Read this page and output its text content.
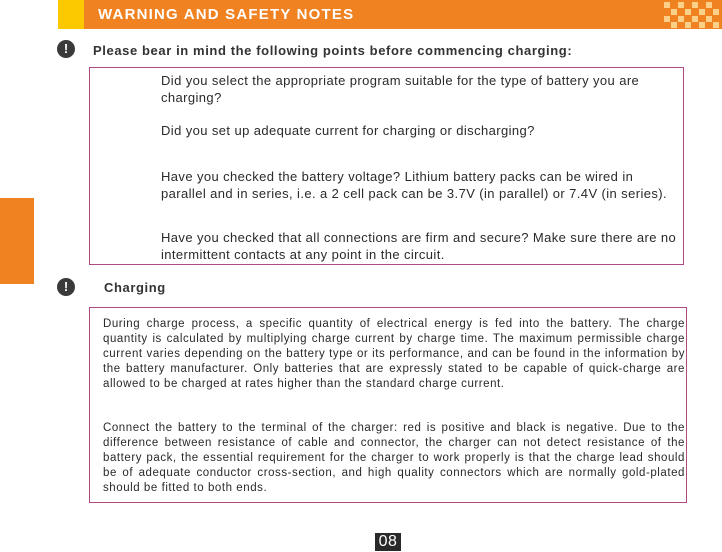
WARNING AND SAFETY NOTES
!	Please bear in mind the following points before commencing charging:
Did you select the appropriate program suitable for the type of battery you are charging?
Did you set up adequate current for charging or discharging?
Have you checked the battery voltage? Lithium battery packs can be wired in parallel and in series, i.e. a 2 cell pack can be 3.7V (in parallel) or 7.4V (in series).
Have you checked that all connections are firm and secure? Make sure there are no intermittent contacts at any point in the circuit.
!	Charging
During charge process, a specific quantity of electrical energy is fed into the battery. The charge quantity is calculated by multiplying charge current by charge time. The maximum permissible charge current varies depending on the battery type or its performance, and can be found in the information by the battery manufacturer. Only batteries that are expressly stated to be capable of quick-charge are allowed to be charged at rates higher than the standard charge current.
Connect the battery to the terminal of the charger: red is positive and black is negative. Due to the difference between resistance of cable and connector, the charger can not detect resistance of the battery pack, the essential requirement for the charger to work properly is that the charge lead should be of adequate conductor cross-section, and high quality connectors which are normally gold-plated should be fitted to both ends.
08
